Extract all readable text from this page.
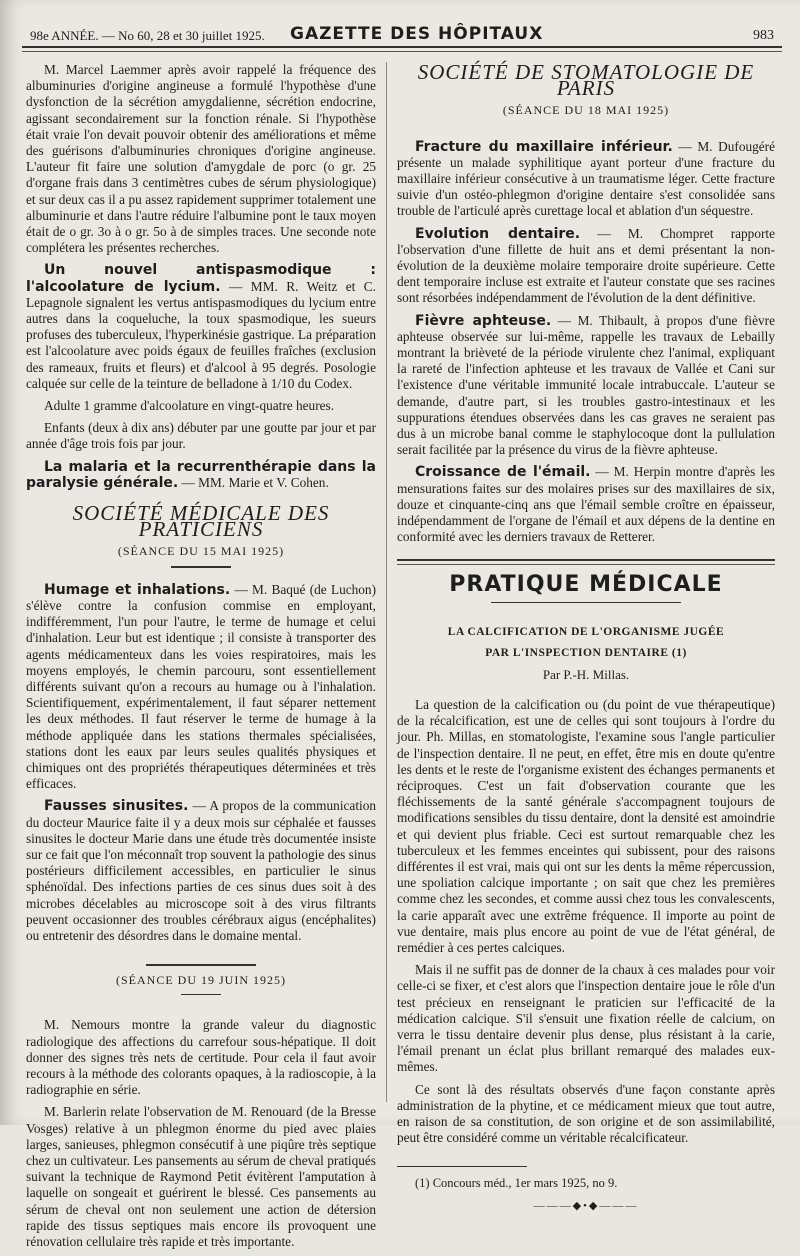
98e ANNÉE. — No 60, 28 et 30 juillet 1925. GAZETTE DES HÔPITAUX	983

M. Marcel Laemmer après avoir rappelé la fréquence des albuminuries d'origine angineuse a formulé l'hypothèse d'une dysfonction de la sécrétion amygdalienne, sécrétion endocrine, agissant secondairement sur la fonction rénale. Si l'hypothèse était vraie l'on devait pouvoir obtenir des améliorations et même des guérisons d'albuminuries chroniques d'origine angineuse. L'auteur fit faire une solution d'amygdale de porc (o gr. 25 d'organe frais dans 3 centimètres cubes de sérum physiologique) et sur deux cas il a pu assez rapidement supprimer totalement une albuminurie et dans l'autre réduire l'albumine pont le taux moyen était de o gr. 3o à o gr. 5o à de simples traces. Une seconde note complétera les présentes recherches.

Un nouvel antispasmodique : l'alcoolature de lycium. — MM. R. Weitz et C. Lepagnole signalent les vertus antispasmodiques du lycium entre autres dans la coqueluche, la toux spasmodique, les sueurs profuses des tuberculeux, l'hyperkinésie gastrique. La préparation est l'alcoolature avec poids égaux de feuilles fraîches (exclusion des rameaux, fruits et fleurs) et d'alcool à 95 degrés. Posologie calquée sur celle de la teinture de belladone à 1/10 du Codex.

Adulte 1 gramme d'alcoolature en vingt-quatre heures.

Enfants (deux à dix ans) débuter par une goutte par jour et par année d'âge trois fois par jour.

La malaria et la recurrenthérapie dans la paralysie générale. — MM. Marie et V. Cohen.

SOCIÉTÉ MÉDICALE DES PRATICIENS
(SÉANCE DU 15 MAI 1925)

Humage et inhalations. — M. Baqué (de Luchon) s'élève contre la confusion commise en employant, indifféremment, l'un pour l'autre, le terme de humage et celui d'inhalation. Leur but est identique ; il consiste à transporter des agents médicamenteux dans les voies respiratoires, mais les moyens employés, le chemin parcouru, sont essentiellement différents suivant qu'on a recours au humage ou à l'inhalation. Scientifiquement, expérimentalement, il faut séparer nettement les deux méthodes. Il faut réserver le terme de humage à la méthode appliquée dans les stations thermales spécialisées, stations dont les eaux par leurs seules qualités physiques et chimiques ont des propriétés thérapeutiques déterminées et très efficaces.

Fausses sinusites. — A propos de la communication du docteur Maurice faite il y a deux mois sur céphalée et fausses sinusites le docteur Marie dans une étude très documentée insiste sur ce fait que l'on méconnaît trop souvent la pathologie des sinus postérieurs difficilement accessibles, en particulier le sinus sphénoïdal. Des infections parties de ces sinus dues soit à des microbes décelables au microscope soit à des virus filtrants peuvent occasionner des troubles cérébraux aigus (encéphalites) ou entretenir des désordres dans le domaine mental.

(SÉANCE DU 19 JUIN 1925)

M. Nemours montre la grande valeur du diagnostic radiologique des affections du carrefour sous-hépatique. Il doit donner des signes très nets de certitude. Pour cela il faut avoir recours à la méthode des colorants opaques, à la radioscopie, à la radiographie en série.

M. Barlerin relate l'observation de M. Renouard (de la Bresse Vosges) relative à un phlegmon énorme du pied avec plaies larges, sanieuses, phlegmon consécutif à une piqûre très septique chez un cultivateur. Les pansements au sérum de cheval pratiqués suivant la technique de Raymond Petit évitèrent l'amputation à laquelle on songeait et guérirent le blessé. Ces pansements au sérum de cheval ont non seulement une action de détersion rapide des tissus septiques mais encore ils provoquent une rénovation cellulaire très rapide et très importante.

SOCIÉTÉ DE STOMATOLOGIE DE PARIS
(SÉANCE DU 18 MAI 1925)

Fracture du maxillaire inférieur. — M. Dufougéré présente un malade syphilitique ayant porteur d'une fracture du maxillaire inférieur consécutive à un traumatisme léger. Cette fracture suivie d'un ostéo-phlegmon d'origine dentaire s'est consolidée sans trouble de l'articulé après curettage local et ablation d'un séquestre.

Evolution dentaire. — M. Chompret rapporte l'observation d'une fillette de huit ans et demi présentant la non-évolution de la deuxième molaire temporaire droite supérieure. Cette dent temporaire incluse est extraite et l'auteur constate que ses racines sont résorbées indépendamment de l'évolution de la dent définitive.

Fièvre aphteuse. — M. Thibault, à propos d'une fièvre aphteuse observée sur lui-même, rappelle les travaux de Lebailly montrant la brièveté de la période virulente chez l'animal, expliquant la rareté de l'infection aphteuse et les travaux de Vallée et Cani sur l'existence d'une véritable immunité locale intrabuccale. L'auteur se demande, d'autre part, si les troubles gastro-intestinaux et les suppurations étendues observées dans les cas graves ne seraient pas dus à un microbe banal comme le staphylocoque dont la pullulation serait facilitée par la présence du virus de la fièvre aphteuse.

Croissance de l'émail. — M. Herpin montre d'après les mensurations faites sur des molaires prises sur des maxillaires de six, douze et cinquante-cinq ans que l'émail semble croître en épaisseur, indépendamment de l'organe de l'émail et aux dépens de la dentine en conformité avec les derniers travaux de Retterer.

PRATIQUE MÉDICALE
LA CALCIFICATION DE L'ORGANISME JUGÉE
PAR L'INSPECTION DENTAIRE (1)
Par P.-H. Millas.

La question de la calcification ou (du point de vue thérapeutique) de la récalcification, est une de celles qui sont toujours à l'ordre du jour. Ph. Millas, en stomatologiste, l'examine sous l'angle particulier de l'inspection dentaire. Il ne peut, en effet, être mis en doute qu'entre les dents et le reste de l'organisme existent des échanges permanents et réciproques. C'est un fait d'observation courante que les fléchissements de la santé générale s'accompagnent toujours de modifications sensibles du tissu dentaire, dont la densité est amoindrie et qui devient plus friable. Ceci est surtout remarquable chez les tuberculeux et les femmes enceintes qui subissent, pour des raisons différentes il est vrai, mais qui ont sur les dents la même répercussion, une spoliation calcique importante ; on sait que chez les premières comme chez les secondes, et comme aussi chez tous les convalescents, la carie apparaît avec une extrême fréquence. Il importe au point de vue dentaire, mais plus encore au point de vue de l'état général, de remédier à ces pertes calciques.

Mais il ne suffit pas de donner de la chaux à ces malades pour voir celle-ci se fixer, et c'est alors que l'inspection dentaire joue le rôle d'un test précieux en renseignant le praticien sur l'efficacité de la médication calcique. S'il s'ensuit une fixation réelle de calcium, on verra le tissu dentaire devenir plus dense, plus résistant à la carie, l'émail prenant un éclat plus brillant remarqué des malades eux-mêmes.

Ce sont là des résultats observés d'une façon constante après administration de la phytine, et ce médicament mieux que tout autre, en raison de sa constitution, de son origine et de son assimilabilité, peut être considéré comme un véritable récalcificateur.

(1) Concours méd., 1er mars 1925, no 9.

———◆•◆———
